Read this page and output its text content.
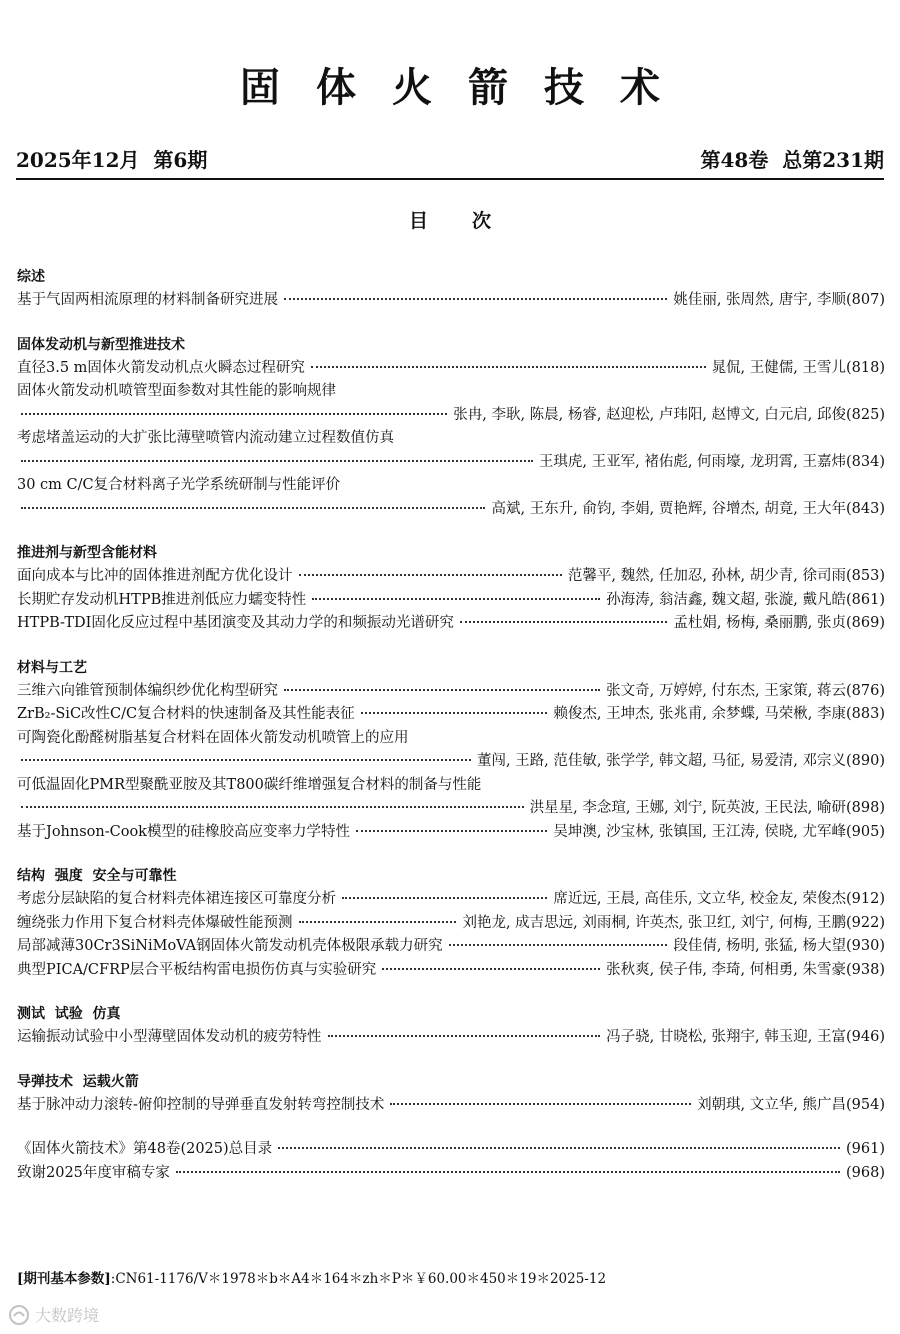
固体火箭技术
2025年12月  第6期	第48卷  总第231期
目次
综述
基于气固两相流原理的材料制备研究进展	姚佳丽, 张周然, 唐宇, 李顺 (807)
固体发动机与新型推进技术
直径3.5 m固体火箭发动机点火瞬态过程研究	晁侃, 王健儒, 王雪儿 (818)
固体火箭发动机喷管型面参数对其性能的影响规律
张冉, 李耿, 陈晨, 杨睿, 赵迎松, 卢玮阳, 赵博文, 白元启, 邱俊 (825)
考虑堵盖运动的大扩张比薄壁喷管内流动建立过程数值仿真
王琪虎, 王亚军, 褚佑彪, 何雨壕, 龙玥霄, 王嘉炜 (834)
30 cm C/C复合材料离子光学系统研制与性能评价
高斌, 王东升, 俞钧, 李娟, 贾艳辉, 谷增杰, 胡竟, 王大年 (843)
推进剂与新型含能材料
面向成本与比冲的固体推进剂配方优化设计	范馨平, 魏然, 任加忍, 孙林, 胡少青, 徐司雨 (853)
长期贮存发动机HTPB推进剂低应力蠕变特性	孙海涛, 翁洁鑫, 魏文超, 张漩, 戴凡皓 (861)
HTPB-TDI固化反应过程中基团演变及其动力学的和频振动光谱研究	孟杜娟, 杨梅, 桑丽鹏, 张贞 (869)
材料与工艺
三维六向锥管预制体编织纱优化构型研究	张文奇, 万婷婷, 付东杰, 王家策, 蒋云 (876)
ZrB₂-SiC改性C/C复合材料的快速制备及其性能表征	赖俊杰, 王坤杰, 张兆甫, 余梦蝶, 马荣楸, 李康 (883)
可陶瓷化酚醛树脂基复合材料在固体火箭发动机喷管上的应用
董闯, 王路, 范佳敏, 张学学, 韩文超, 马征, 易爱清, 邓宗义 (890)
可低温固化PMR型聚酰亚胺及其T800碳纤维增强复合材料的制备与性能
洪星星, 李念瑄, 王娜, 刘宁, 阮英波, 王民法, 喻研 (898)
基于Johnson-Cook模型的硅橡胶高应变率力学特性	吴坤澳, 沙宝林, 张镇国, 王江涛, 侯晓, 尤军峰 (905)
结构  强度  安全与可靠性
考虑分层缺陷的复合材料壳体裙连接区可靠度分析	席近远, 王晨, 高佳乐, 文立华, 校金友, 荣俊杰 (912)
缠绕张力作用下复合材料壳体爆破性能预测	刘艳龙, 成吉思远, 刘雨桐, 许英杰, 张卫红, 刘宁, 何梅, 王鹏 (922)
局部减薄30Cr3SiNiMoVA钢固体火箭发动机壳体极限承载力研究	段佳倩, 杨明, 张猛, 杨大望 (930)
典型PICA/CFRP层合平板结构雷电损伤仿真与实验研究	张秋爽, 侯子伟, 李琦, 何相勇, 朱雪豪 (938)
测试  试验  仿真
运输振动试验中小型薄壁固体发动机的疲劳特性	冯子骁, 甘晓松, 张翔宇, 韩玉迎, 王富 (946)
导弹技术  运载火箭
基于脉冲动力滚转-俯仰控制的导弹垂直发射转弯控制技术	刘朝琪, 文立华, 熊广昌 (954)
《固体火箭技术》第48卷(2025)总目录	(961)
致谢2025年度审稿专家	(968)
[期刊基本参数]:CN61-1176/V＊1978＊b＊A4＊164＊zh＊P＊￥60.00＊450＊19＊2025-12
大数跨境
